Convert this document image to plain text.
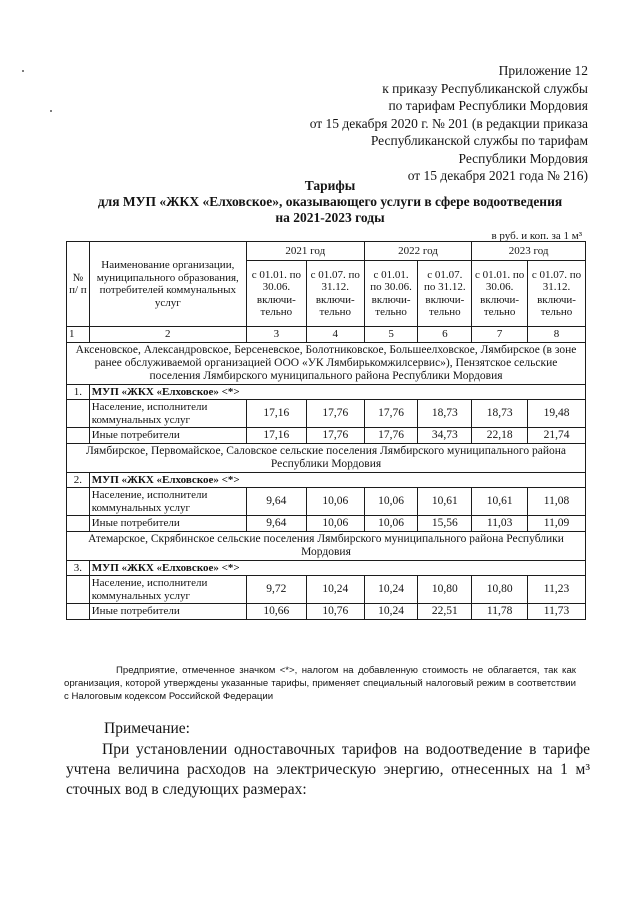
Приложение 12
к приказу Республиканской службы
по тарифам Республики Мордовия
от 15 декабря 2020 г. № 201 (в редакции приказа
Республиканской службы по тарифам
Республики Мордовия
от 15 декабря 2021 года № 216)
Тарифы
для МУП «ЖКХ «Елховское», оказывающего услуги в сфере водоотведения
на 2021-2023 годы
в руб. и коп. за 1 м³
№ п/ п	Наименование организации, муниципального образования, потребителей коммунальных услуг	2021 год		2022 год		2023 год	
		с 01.01. по 30.06. включи-тельно	с 01.07. по 31.12. включи-тельно	с 01.01. по 30.06. включи-тельно	с 01.07. по 31.12. включи-тельно	с 01.01. по 30.06. включи-тельно	с 01.07. по 31.12. включи-тельно
1	2	3	4	5	6	7	8
Аксеновское, Александровское, Берсеневское, Болотниковское, Большеелховское, Лямбирское (в зоне ранее обслуживаемой организацией ООО «УК Лямбирькомжилсервис»), Пензятское сельские поселения Лямбирского муниципального района Республики Мордовия							
1.	МУП «ЖКХ «Елховское» <*>						
	Население, исполнители коммунальных услуг	17,16	17,76	17,76	18,73	18,73	19,48
	Иные потребители	17,16	17,76	17,76	34,73	22,18	21,74
Лямбирское, Первомайское, Саловское сельские поселения Лямбирского муниципального района Республики Мордовия							
2.	МУП «ЖКХ «Елховское» <*>						
	Население, исполнители коммунальных услуг	9,64	10,06	10,06	10,61	10,61	11,08
	Иные потребители	9,64	10,06	10,06	15,56	11,03	11,09
Атемарское, Скрябинское сельские поселения Лямбирского муниципального района Республики Мордовия							
3.	МУП «ЖКХ «Елховское» <*>						
	Население, исполнители коммунальных услуг	9,72	10,24	10,24	10,80	10,80	11,23
	Иные потребители	10,66	10,76	10,24	22,51	11,78	11,73
Предприятие, отмеченное значком <*>, налогом на добавленную стоимость не облагается, так как организация, которой утверждены указанные тарифы, применяет специальный налоговый режим в соответствии с Налоговым кодексом Российской Федерации
Примечание:
При установлении одноставочных тарифов на водоотведение в тарифе учтена величина расходов на электрическую энергию, отнесенных на 1 м³ сточных вод в следующих размерах:
